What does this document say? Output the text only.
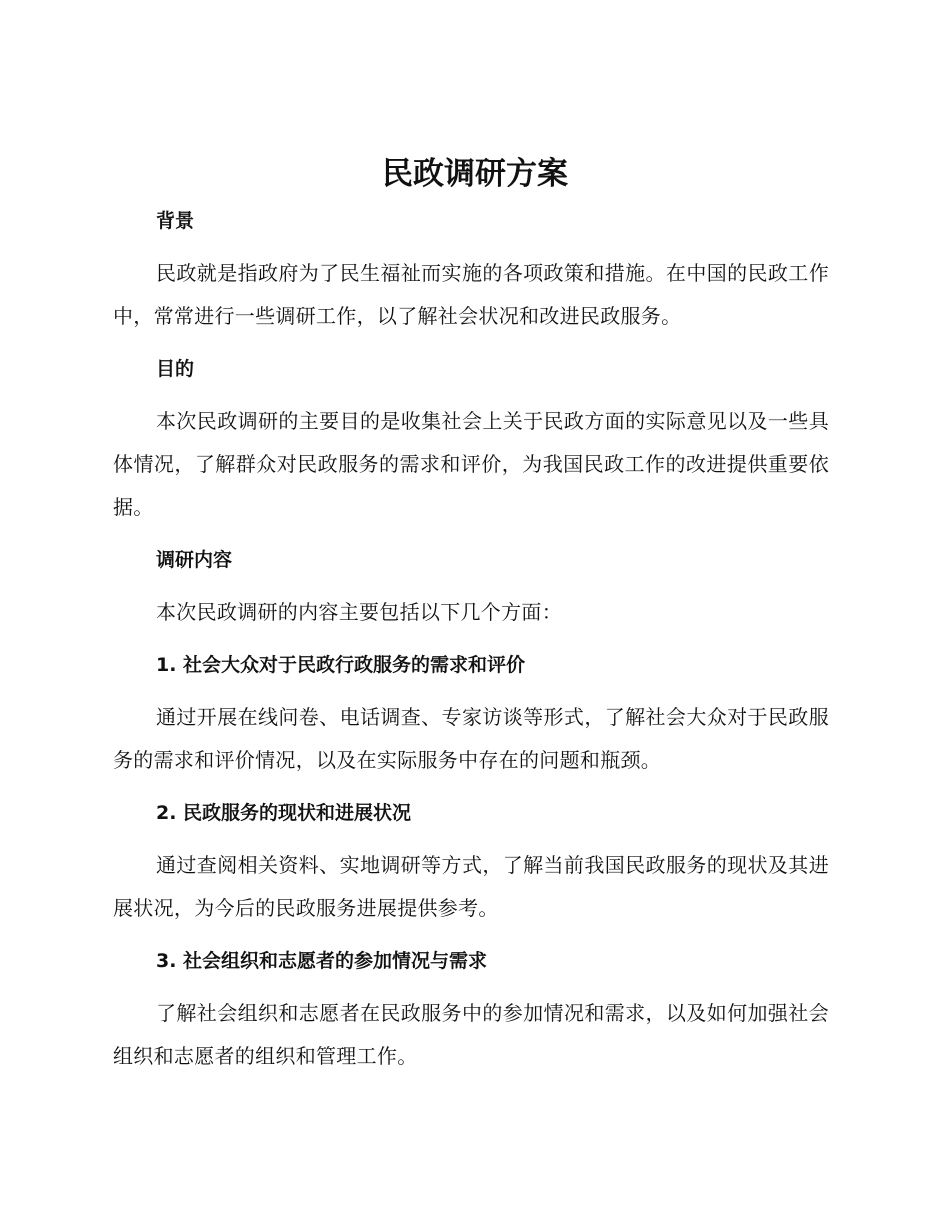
民政调研方案

背景

民政就是指政府为了民生福祉而实施的各项政策和措施。在中国的民政工作中，常常进行一些调研工作，以了解社会状况和改进民政服务。

目的

本次民政调研的主要目的是收集社会上关于民政方面的实际意见以及一些具体情况，了解群众对民政服务的需求和评价，为我国民政工作的改进提供重要依据。

调研内容

本次民政调研的内容主要包括以下几个方面：

1. 社会大众对于民政行政服务的需求和评价

通过开展在线问卷、电话调查、专家访谈等形式，了解社会大众对于民政服务的需求和评价情况，以及在实际服务中存在的问题和瓶颈。

2. 民政服务的现状和进展状况

通过查阅相关资料、实地调研等方式，了解当前我国民政服务的现状及其进展状况，为今后的民政服务进展提供参考。

3. 社会组织和志愿者的参加情况与需求

了解社会组织和志愿者在民政服务中的参加情况和需求，以及如何加强社会组织和志愿者的组织和管理工作。
